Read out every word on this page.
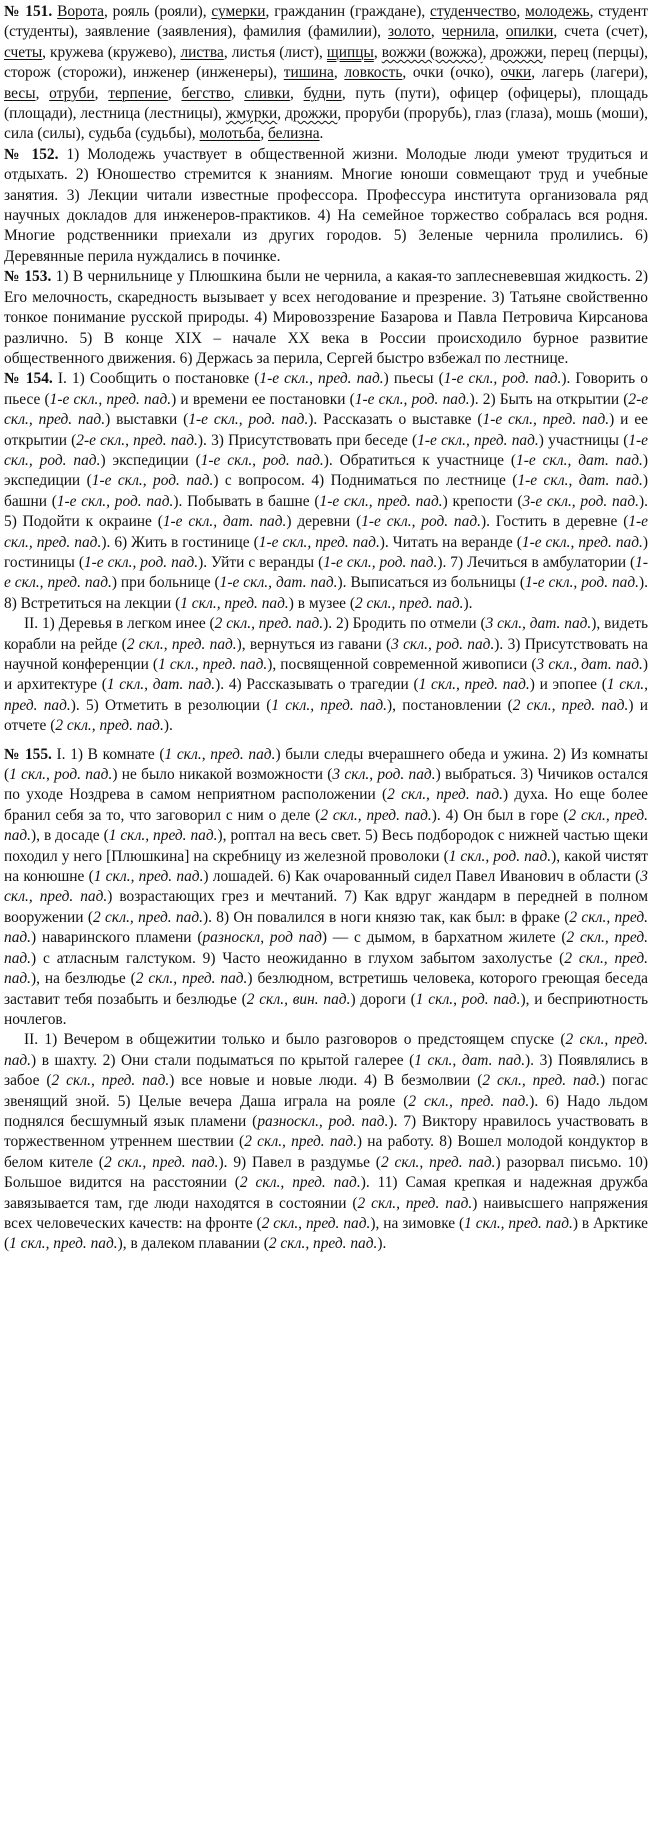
№ 151. Ворота, рояль (рояли), сумерки, гражданин (граждане), студенчество, молодежь, студент (студенты), заявление (заявления), фамилия (фамилии), золото, чернила, опилки, счета (счет), счеты, кружева (кружево), листва, листья (лист), щипцы, вожжи (вожжа), дрожжи, перец (перцы), сторож (сторожи), инженер (инженеры), тишина, ловкость, очки (очко), очки, лагерь (лагери), весы, отруби, терпение, бегство, сливки, будни, путь (пути), офицер (офицеры), площадь (площади), лестница (лестницы), жмурки, дрожжи, проруби (прорубь), глаз (глаза), мошь (моши), сила (силы), судьба (судьбы), молотьба, белизна.

№ 152. 1) Молодежь участвует в общественной жизни. Молодые люди умеют трудиться и отдыхать. 2) Юношество стремится к знаниям. Многие юноши совмещают труд и учебные занятия. 3) Лекции читали известные профессора. Профессура института организовала ряд научных докладов для инженеров-практиков. 4) На семейное торжество собралась вся родня. Многие родственники приехали из других городов. 5) Зеленые чернила пролились. 6) Деревянные перила нуждались в починке.

№ 153. 1) В чернильнице у Плюшкина были не чернила, а какая-то заплесневевшая жидкость. 2) Его мелочность, скаредность вызывает у всех негодование и презрение. 3) Татьяне свойственно тонкое понимание русской природы. 4) Мировоззрение Базарова и Павла Петровича Кирсанова различно. 5) В конце XIX – начале XX века в России происходило бурное развитие общественного движения. 6) Держась за перила, Сергей быстро взбежал по лестнице.

№ 154. I. 1) Сообщить о постановке (1-е скл., пред. пад.) пьесы (1-е скл., род. пад.). Говорить о пьесе (1-е скл., пред. пад.) и времени ее постановки (1-е скл., род. пад.). 2) Быть на открытии (2-е скл., пред. пад.) выставки (1-е скл., род. пад.). Рассказать о выставке (1-е скл., пред. пад.) и ее открытии (2-е скл., пред. пад.). 3) Присутствовать при беседе (1-е скл., пред. пад.) участницы (1-е скл., род. пад.) экспедиции (1-е скл., род. пад.). Обратиться к участнице (1-е скл., дат. пад.) экспедиции (1-е скл., род. пад.) с вопросом. 4) Подниматься по лестнице (1-е скл., дат. пад.) башни (1-е скл., род. пад.). Побывать в башне (1-е скл., пред. пад.) крепости (3-е скл., род. пад.). 5) Подойти к окраине (1-е скл., дат. пад.) деревни (1-е скл., род. пад.). Гостить в деревне (1-е скл., пред. пад.). 6) Жить в гостинице (1-е скл., пред. пад.). Читать на веранде (1-е скл., пред. пад.) гостиницы (1-е скл., род. пад.). Уйти с веранды (1-е скл., род. пад.). 7) Лечиться в амбулатории (1-е скл., пред. пад.) при больнице (1-е скл., дат. пад.). Выписаться из больницы (1-е скл., род. пад.). 8) Встретиться на лекции (1 скл., пред. пад.) в музее (2 скл., пред. пад.).

II. 1) Деревья в легком инее (2 скл., пред. пад.). 2) Бродить по отмели (3 скл., дат. пад.), видеть корабли на рейде (2 скл., пред. пад.), вернуться из гавани (3 скл., род. пад.). 3) Присутствовать на научной конференции (1 скл., пред. пад.), посвященной современной живописи (3 скл., дат. пад.) и архитектуре (1 скл., дат. пад.). 4) Рассказывать о трагедии (1 скл., пред. пад.) и эпопее (1 скл., пред. пад.). 5) Отметить в резолюции (1 скл., пред. пад.), постановлении (2 скл., пред. пад.) и отчете (2 скл., пред. пад.).

№ 155. I. 1) В комнате (1 скл., пред. пад.) были следы вчерашнего обеда и ужина. 2) Из комнаты (1 скл., род. пад.) не было никакой возможности (3 скл., род. пад.) выбраться. 3) Чичиков остался по уходе Ноздрева в самом неприятном расположении (2 скл., пред. пад.) духа. Но еще более бранил себя за то, что заговорил с ним о деле (2 скл., пред. пад.). 4) Он был в горе (2 скл., пред. пад.), в досаде (1 скл., пред. пад.), роптал на весь свет. 5) Весь подбородок с нижней частью щеки походил у него [Плюшкина] на скребницу из железной проволоки (1 скл., род. пад.), какой чистят на конюшне (1 скл., пред. пад.) лошадей. 6) Как очарованный сидел Павел Иванович в области (3 скл., пред. пад.) возрастающих грез и мечтаний. 7) Как вдруг жандарм в передней в полном вооружении (2 скл., пред. пад.). 8) Он повалился в ноги князю так, как был: в фраке (2 скл., пред. пад.) наваринского пламени (разноскл, род пад) — с дымом, в бархатном жилете (2 скл., пред. пад.) с атласным галстуком. 9) Часто неожиданно в глухом забытом захолустье (2 скл., пред. пад.), на безлюдье (2 скл., пред. пад.) безлюдном, встретишь человека, которого греющая беседа заставит тебя позабыть и безлюдье (2 скл., вин. пад.) дороги (1 скл., род. пад.), и бесприютность ночлегов.

II. 1) Вечером в общежитии только и было разговоров о предстоящем спуске (2 скл., пред. пад.) в шахту. 2) Они стали подыматься по крытой галерее (1 скл., дат. пад.). 3) Появлялись в забое (2 скл., пред. пад.) все новые и новые люди. 4) В безмолвии (2 скл., пред. пад.) погас звенящий зной. 5) Целые вечера Даша играла на рояле (2 скл., пред. пад.). 6) Надо льдом поднялся бесшумный язык пламени (разноскл., род. пад.). 7) Виктору нравилось участвовать в торжественном утреннем шествии (2 скл., пред. пад.) на работу. 8) Вошел молодой кондуктор в белом кителе (2 скл., пред. пад.). 9) Павел в раздумье (2 скл., пред. пад.) разорвал письмо. 10) Большое видится на расстоянии (2 скл., пред. пад.). 11) Самая крепкая и надежная дружба завязывается там, где люди находятся в состоянии (2 скл., пред. пад.) наивысшего напряжения всех человеческих качеств: на фронте (2 скл., пред. пад.), на зимовке (1 скл., пред. пад.) в Арктике (1 скл., пред. пад.), в далеком плавании (2 скл., пред. пад.).
